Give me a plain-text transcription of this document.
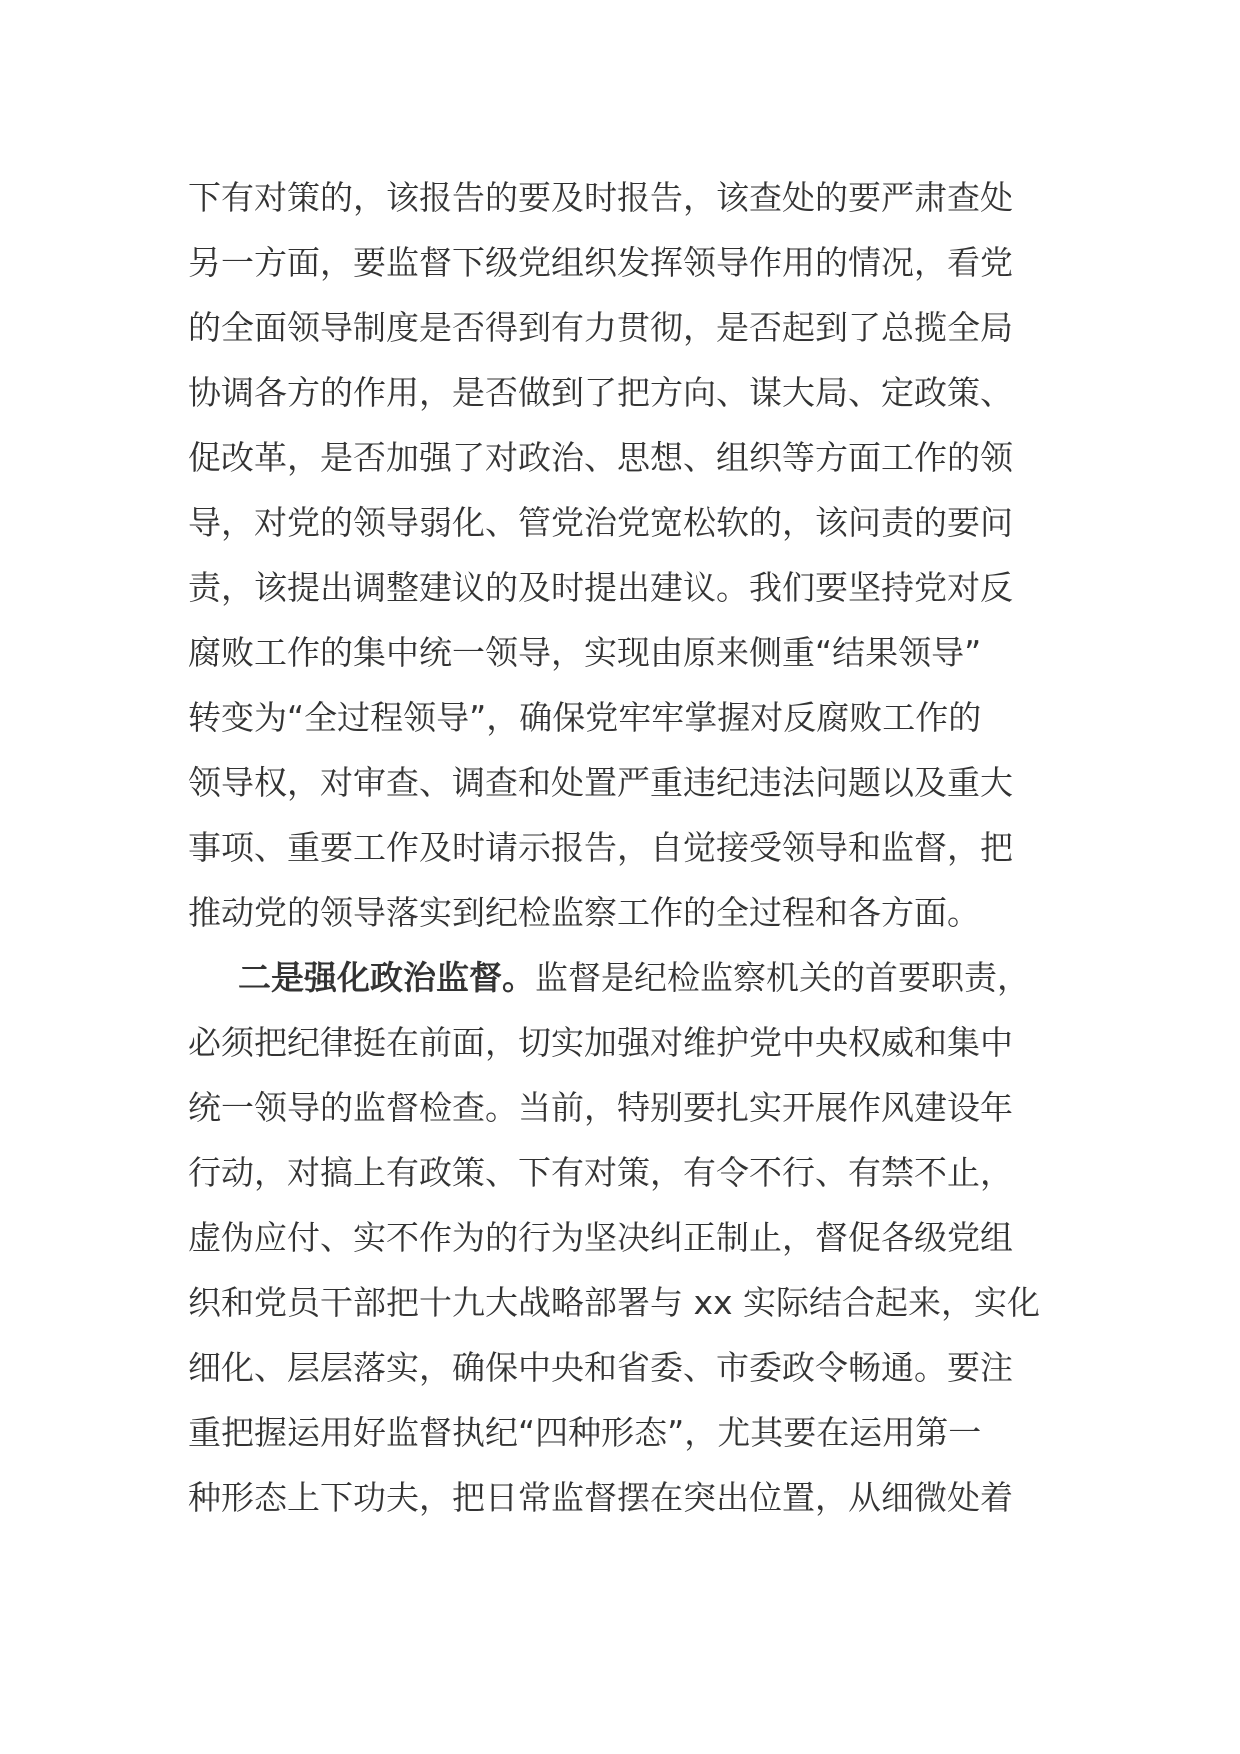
下有对策的，该报告的要及时报告，该查处的要严肃查处
另一方面，要监督下级党组织发挥领导作用的情况，看党
的全面领导制度是否得到有力贯彻，是否起到了总揽全局
协调各方的作用，是否做到了把方向、谋大局、定政策、
促改革，是否加强了对政治、思想、组织等方面工作的领
导，对党的领导弱化、管党治党宽松软的，该问责的要问
责，该提出调整建议的及时提出建议。我们要坚持党对反
腐败工作的集中统一领导，实现由原来侧重“结果领导”
转变为“全过程领导”，确保党牢牢掌握对反腐败工作的
领导权，对审查、调查和处置严重违纪违法问题以及重大
事项、重要工作及时请示报告，自觉接受领导和监督，把
推动党的领导落实到纪检监察工作的全过程和各方面。
二是强化政治监督。监督是纪检监察机关的首要职责，
必须把纪律挺在前面，切实加强对维护党中央权威和集中
统一领导的监督检查。当前，特别要扎实开展作风建设年
行动，对搞上有政策、下有对策，有令不行、有禁不止，
虚伪应付、实不作为的行为坚决纠正制止，督促各级党组
织和党员干部把十九大战略部署与 xx 实际结合起来，实化
细化、层层落实，确保中央和省委、市委政令畅通。要注
重把握运用好监督执纪“四种形态”，尤其要在运用第一
种形态上下功夫，把日常监督摆在突出位置，从细微处着
